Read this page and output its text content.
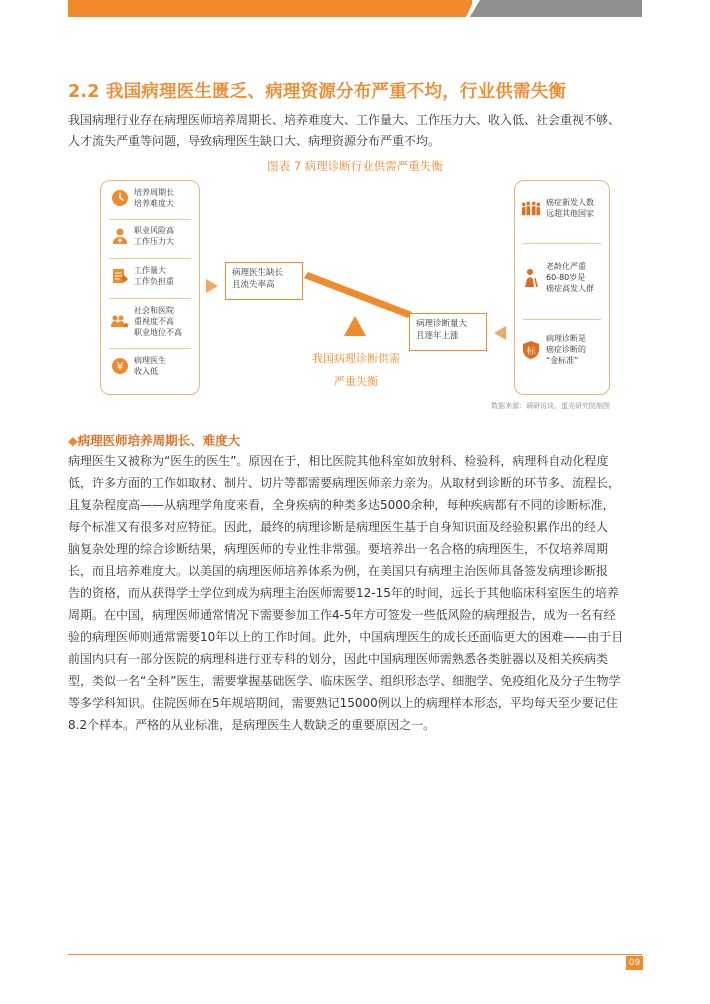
2.2 我国病理医生匮乏、病理资源分布严重不均，行业供需失衡

我国病理行业存在病理医师培养周期长、培养难度大、工作量大、工作压力大、收入低、社会重视不够、

人才流失严重等问题，导致病理医生缺口大、病理资源分布严重不均。

图表 7 病理诊断行业供需严重失衡
培养周期长
培养难度大
职业风险高
工作压力大
工作量大
工作负担重
社会和医院
重视度不高
职业地位不高
¥ 病理医生
收入低
病理医生缺长
且流失率高
病理诊断量大
且逐年上涨
我国病理诊断供需
严重失衡
癌症新发人数
远超其他国家
老龄化严重
60-80岁是
癌症高发人群
标
病理诊断是
癌症诊断的
“金标准”
数据来源：调研访谈，蛋壳研究院制图
◆病理医师培养周期长、难度大

病理医生又被称为“医生的医生”。原因在于，相比医院其他科室如放射科、检验科，病理科自动化程度

低，许多方面的工作如取材、制片、切片等都需要病理医师亲力亲为。从取材到诊断的环节多、流程长，

且复杂程度高——从病理学角度来看，全身疾病的种类多达5000余种，每种疾病都有不同的诊断标准，

每个标准又有很多对应特征。因此，最终的病理诊断是病理医生基于自身知识面及经验积累作出的经人

脑复杂处理的综合诊断结果，病理医师的专业性非常强。要培养出一名合格的病理医生，不仅培养周期

长，而且培养难度大。以美国的病理医师培养体系为例，在美国只有病理主治医师具备签发病理诊断报

告的资格，而从获得学士学位到成为病理主治医师需要12-15年的时间，远长于其他临床科室医生的培养

周期。在中国，病理医师通常情况下需要参加工作4-5年方可签发一些低风险的病理报告，成为一名有经

验的病理医师则通常需要10年以上的工作时间。此外，中国病理医生的成长还面临更大的困难——由于目

前国内只有一部分医院的病理科进行亚专科的划分，因此中国病理医师需熟悉各类脏器以及相关疾病类

型，类似一名“全科”医生，需要掌握基础医学、临床医学、组织形态学、细胞学、免疫组化及分子生物学

等多学科知识。住院医师在5年规培期间，需要熟记15000例以上的病理样本形态，平均每天至少要记住

8.2个样本。严格的从业标准，是病理医生人数缺乏的重要原因之一。

09
